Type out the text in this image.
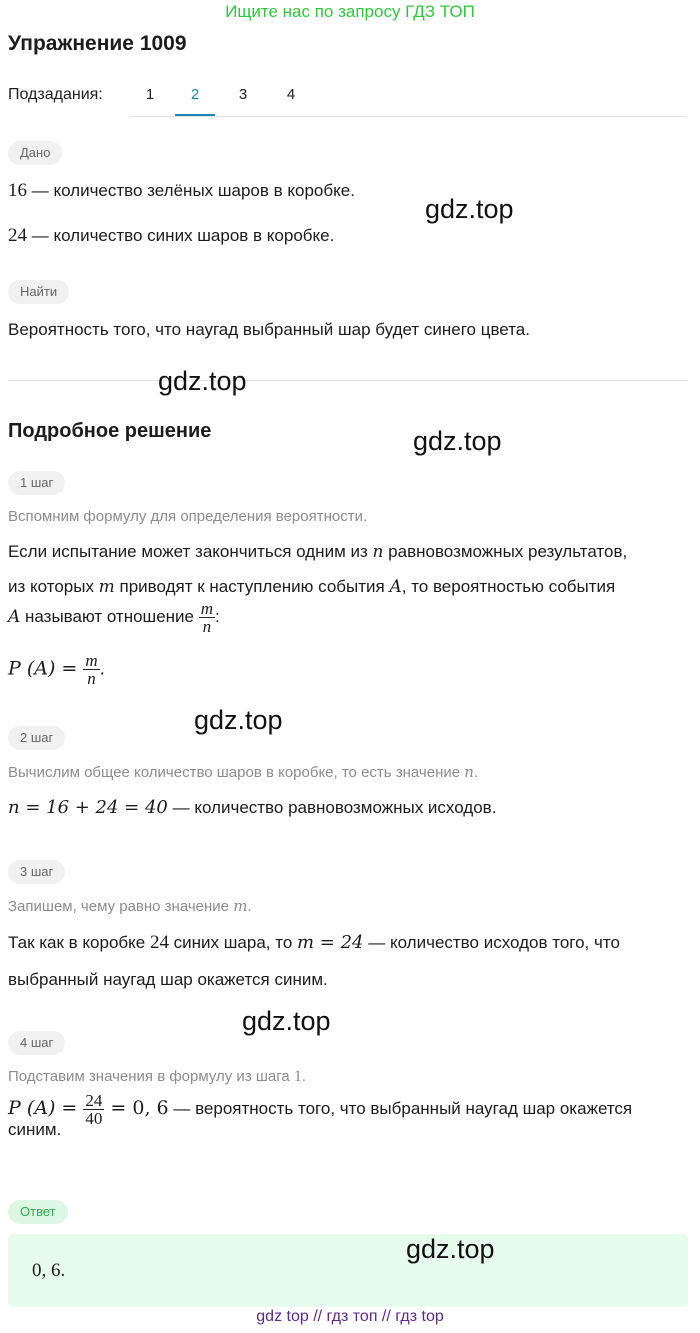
Ищите нас по запросу ГДЗ ТОП
Упражнение 1009
Подзадания:	1	2	3	4
Дано
16 — количество зелёных шаров в коробке.
24 — количество синих шаров в коробке.
Найти
Вероятность того, что наугад выбранный шар будет синего цвета.
Подробное решение
1 шаг
Вспомним формулу для определения вероятности.
Если испытание может закончиться одним из n равновозможных результатов,
из которых m приводят к наступлению события A, то вероятностью события
A называют отношение $\frac{m}{n}$ :
P $(A) = \frac{m}{n}$ .
2 шаг
Вычислим общее количество шаров в коробке, то есть значение n.
n = 16 + 24 = 40 — количество равновозможных исходов.
3 шаг
Запишем, чему равно значение m.
Так как в коробке 24 синих шара, то m = 24 — количество исходов того, что
выбранный наугад шар окажется синим.
4 шаг
Подставим значения в формулу из шага 1.
P $(A) = \frac{24}{40} = 0$, 6 — вероятность того, что выбранный наугад шар окажется
синим.
Ответ
0, 6.
gdz.top
gdz.top
gdz.top
gdz.top
gdz.top
gdz.top
gdz top // гдз топ // гдз top
